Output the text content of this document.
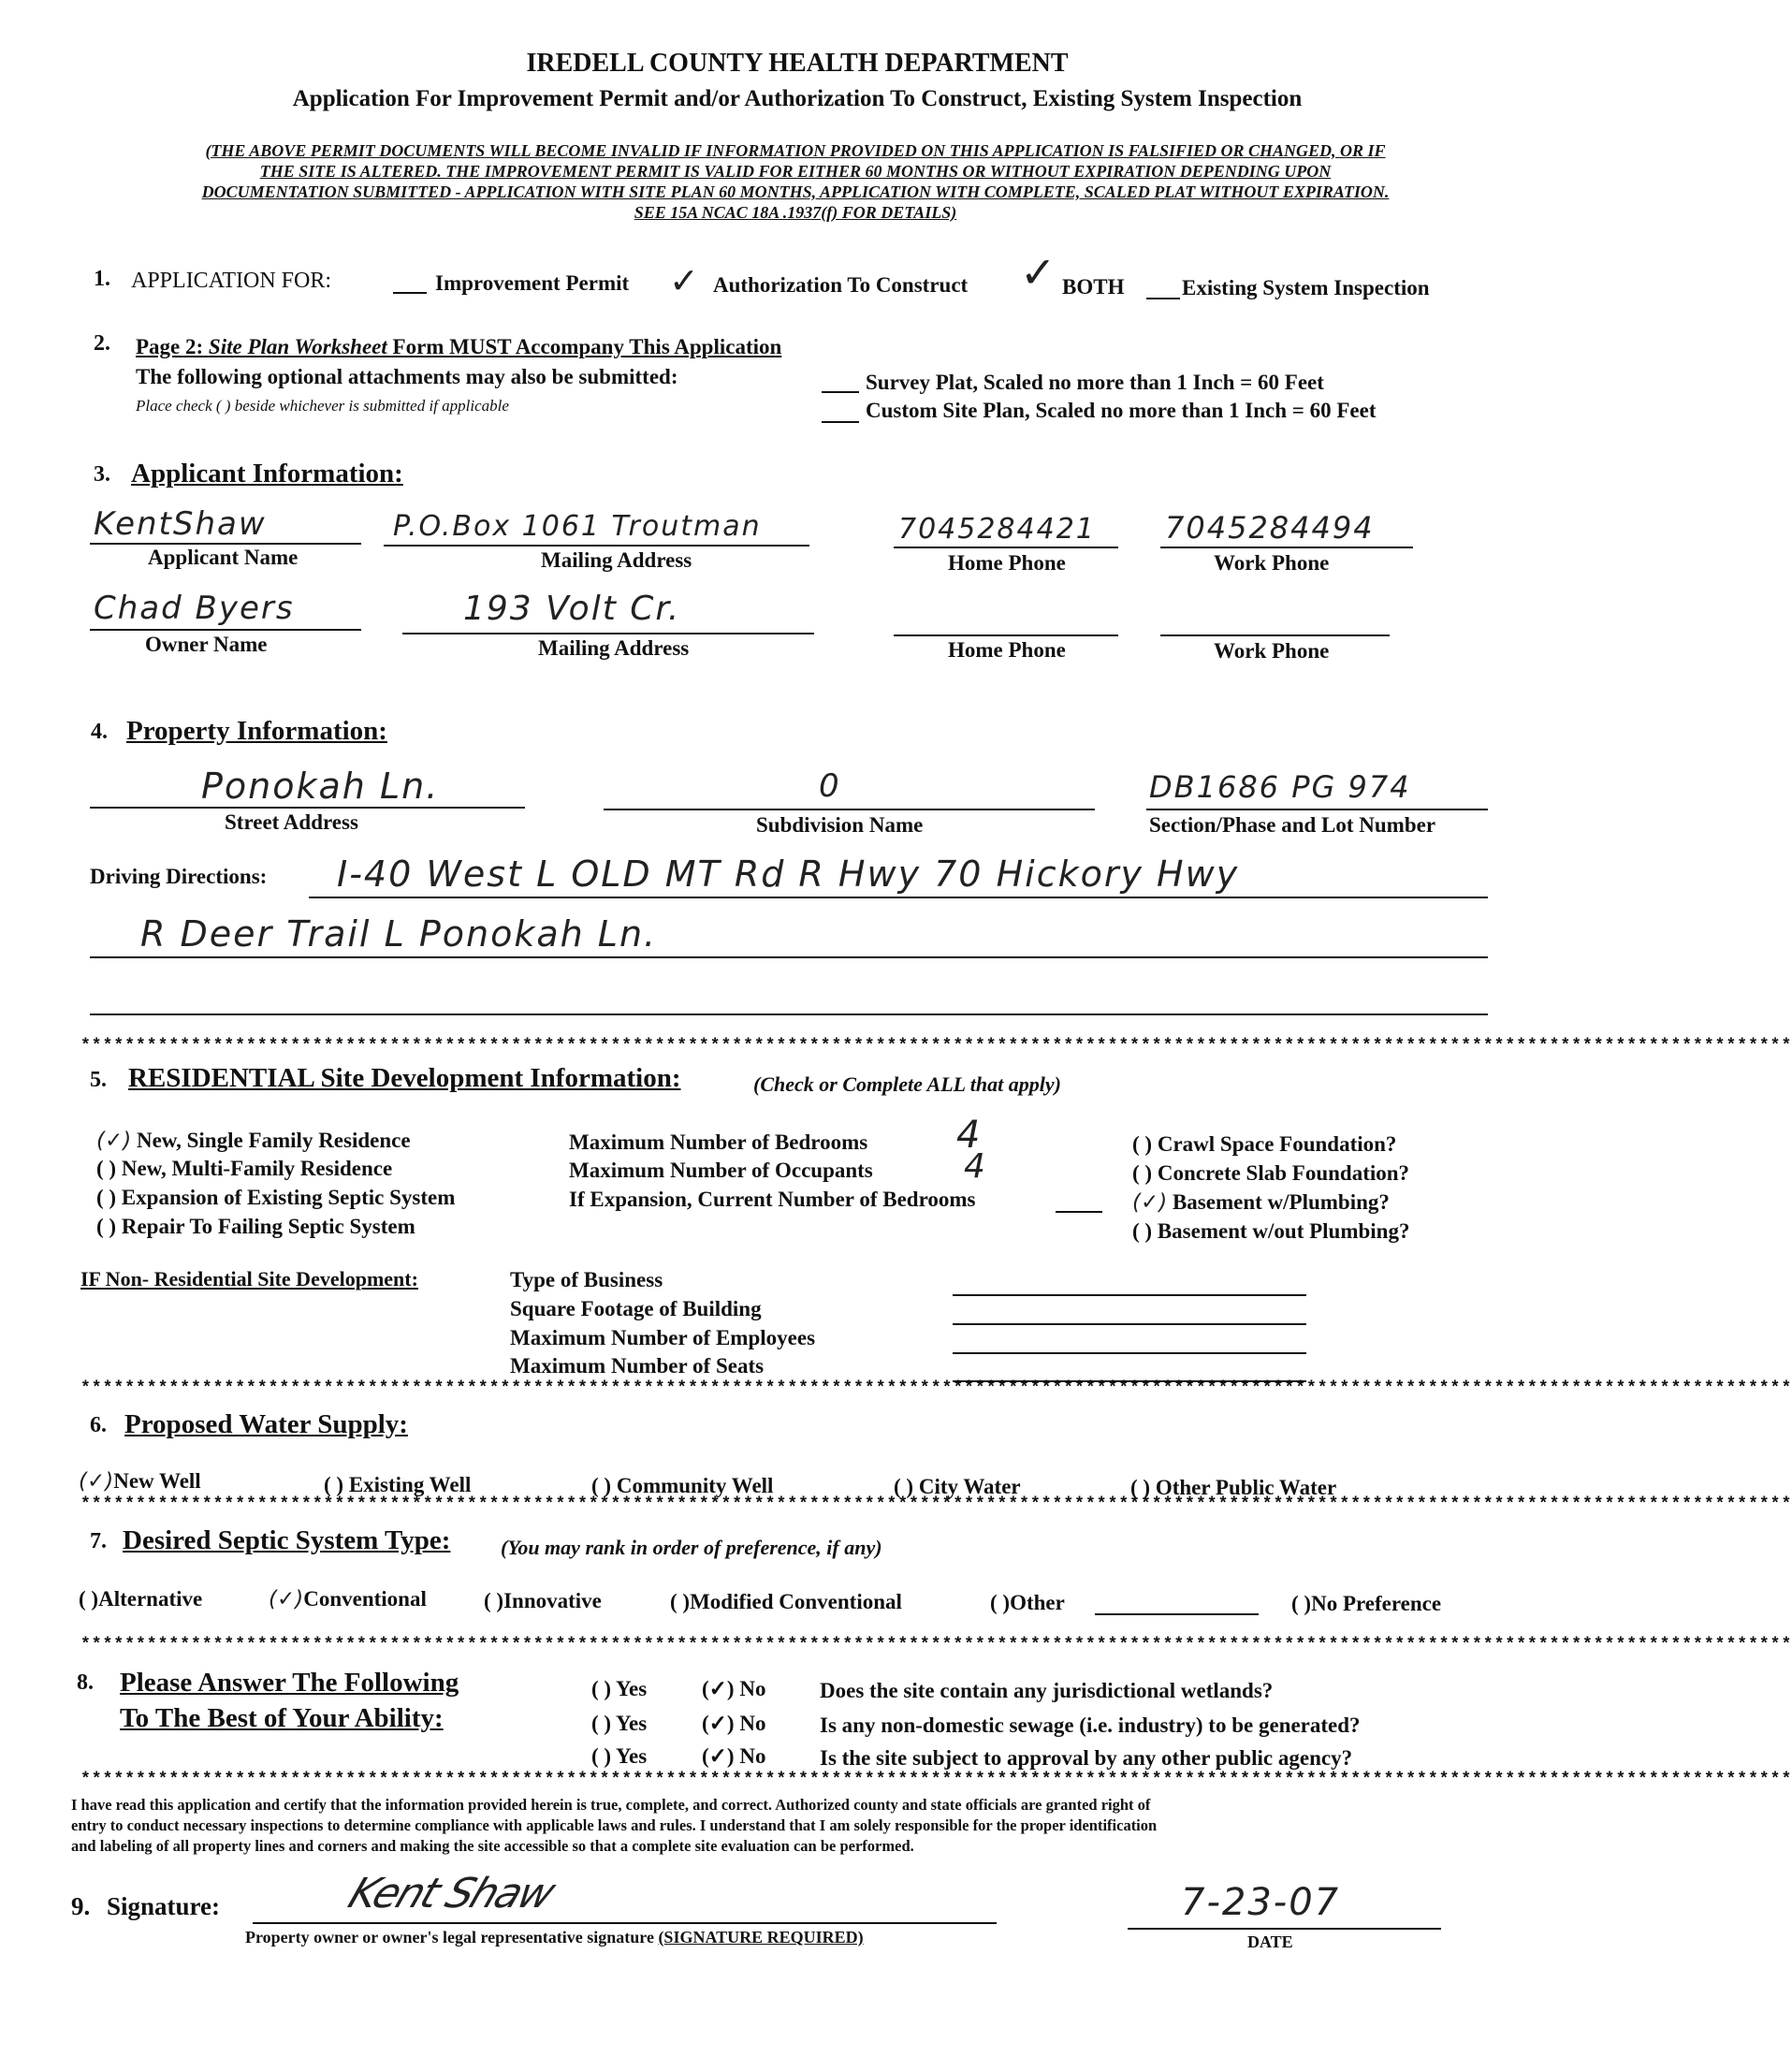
IREDELL COUNTY HEALTH DEPARTMENT
Application For Improvement Permit and/or Authorization To Construct, Existing System Inspection
(THE ABOVE PERMIT DOCUMENTS WILL BECOME INVALID IF INFORMATION PROVIDED ON THIS APPLICATION IS FALSIFIED OR CHANGED, OR IF
THE SITE IS ALTERED. THE IMPROVEMENT PERMIT IS VALID FOR EITHER 60 MONTHS OR WITHOUT EXPIRATION DEPENDING UPON
DOCUMENTATION SUBMITTED - APPLICATION WITH SITE PLAN 60 MONTHS, APPLICATION WITH COMPLETE, SCALED PLAT WITHOUT EXPIRATION.
SEE 15A NCAC 18A .1937(f) FOR DETAILS)
1. APPLICATION FOR:	Improvement Permit ✓ Authorization To Construct ✓ BOTH	Existing System Inspection
2. Page 2: Site Plan Worksheet Form MUST Accompany This Application
The following optional attachments may also be submitted:
Place check ( ) beside whichever is submitted if applicable
Survey Plat, Scaled no more than 1 Inch = 60 Feet
Custom Site Plan, Scaled no more than 1 Inch = 60 Feet
3. Applicant Information:
KentShaw
Applicant Name
P.O.Box 1061 Troutman
Mailing Address
7045284421
Home Phone
7045284494
Work Phone
Chad Byers
Owner Name
193 Volt Cr.
Mailing Address	Home Phone	Work Phone
4. Property Information:
Ponokah Ln.
Street Address
0
Subdivision Name
DB1686 PG 974
Section/Phase and Lot Number
Driving Directions: I-40 West L OLD MT Rd R Hwy 70 Hickory Hwy
R Deer Trail L Ponokah Ln.
***********************************************************************************************************************************************************
5. RESIDENTIAL Site Development Information:	(Check or Complete ALL that apply)
(✓) New, Single Family Residence
( ) New, Multi-Family Residence
( ) Expansion of Existing Septic System
( ) Repair To Failing Septic System
Maximum Number of Bedrooms 4
Maximum Number of Occupants	4
If Expansion, Current Number of Bedrooms
( ) Crawl Space Foundation?
( ) Concrete Slab Foundation?
(✓) Basement w/Plumbing?
( ) Basement w/out Plumbing?
IF Non- Residential Site Development:	Type of Business
Square Footage of Building
Maximum Number of Employees
Maximum Number of Seats
***********************************************************************************************************************************************************
6. Proposed Water Supply:
(✓)New Well	( ) Existing Well	( ) Community Well	( ) City Water	( ) Other Public Water
***********************************************************************************************************************************************************
7. Desired Septic System Type: (You may rank in order of preference, if any)
( )Alternative	(✓)Conventional	( )Innovative	( )Modified Conventional	( )Other	( )No Preference
***********************************************************************************************************************************************************
8. Please Answer The Following
To The Best of Your Ability:
( ) Yes	(✓) No	Does the site contain any jurisdictional wetlands?
( ) Yes	(✓) No	Is any non-domestic sewage (i.e. industry) to be generated?
( ) Yes	(✓) No	Is the site subject to approval by any other public agency?
***********************************************************************************************************************************************************
I have read this application and certify that the information provided herein is true, complete, and correct. Authorized county and state officials are granted right of
entry to conduct necessary inspections to determine compliance with applicable laws and rules. I understand that I am solely responsible for the proper identification
and labeling of all property lines and corners and making the site accessible so that a complete site evaluation can be performed.
9. Signature:	Kent Shaw
Property owner or owner's legal representative signature (SIGNATURE REQUIRED)
7-23-07
DATE
